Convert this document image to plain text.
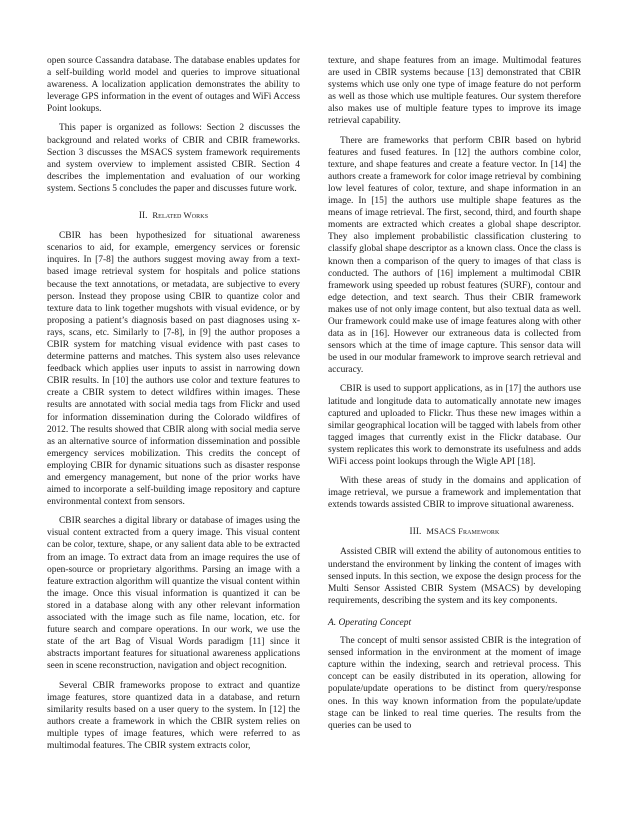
open source Cassandra database. The database enables updates for a self-building world model and queries to improve situational awareness. A localization application demonstrates the ability to leverage GPS information in the event of outages and WiFi Access Point lookups.

This paper is organized as follows: Section 2 discusses the background and related works of CBIR and CBIR frameworks. Section 3 discusses the MSACS system framework requirements and system overview to implement assisted CBIR. Section 4 describes the implementation and evaluation of our working system. Sections 5 concludes the paper and discusses future work.

II. Related Works

CBIR has been hypothesized for situational awareness scenarios to aid, for example, emergency services or forensic inquires. In [7-8] the authors suggest moving away from a text-based image retrieval system for hospitals and police stations because the text annotations, or metadata, are subjective to every person. Instead they propose using CBIR to quantize color and texture data to link together mugshots with visual evidence, or by proposing a patient’s diagnosis based on past diagnoses using x-rays, scans, etc. Similarly to [7-8], in [9] the author proposes a CBIR system for matching visual evidence with past cases to determine patterns and matches. This system also uses relevance feedback which applies user inputs to assist in narrowing down CBIR results. In [10] the authors use color and texture features to create a CBIR system to detect wildfires within images. These results are annotated with social media tags from Flickr and used for information dissemination during the Colorado wildfires of 2012. The results showed that CBIR along with social media serve as an alternative source of information dissemination and possible emergency services mobilization. This credits the concept of employing CBIR for dynamic situations such as disaster response and emergency management, but none of the prior works have aimed to incorporate a self-building image repository and capture environmental context from sensors.

CBIR searches a digital library or database of images using the visual content extracted from a query image. This visual content can be color, texture, shape, or any salient data able to be extracted from an image. To extract data from an image requires the use of open-source or proprietary algorithms. Parsing an image with a feature extraction algorithm will quantize the visual content within the image. Once this visual information is quantized it can be stored in a database along with any other relevant information associated with the image such as file name, location, etc. for future search and compare operations. In our work, we use the state of the art Bag of Visual Words paradigm [11] since it abstracts important features for situational awareness applications seen in scene reconstruction, navigation and object recognition.

Several CBIR frameworks propose to extract and quantize image features, store quantized data in a database, and return similarity results based on a user query to the system. In [12] the authors create a framework in which the CBIR system relies on multiple types of image features, which were referred to as multimodal features. The CBIR system extracts color,

texture, and shape features from an image. Multimodal features are used in CBIR systems because [13] demonstrated that CBIR systems which use only one type of image feature do not perform as well as those which use multiple features. Our system therefore also makes use of multiple feature types to improve its image retrieval capability.

There are frameworks that perform CBIR based on hybrid features and fused features. In [12] the authors combine color, texture, and shape features and create a feature vector. In [14] the authors create a framework for color image retrieval by combining low level features of color, texture, and shape information in an image. In [15] the authors use multiple shape features as the means of image retrieval. The first, second, third, and fourth shape moments are extracted which creates a global shape descriptor. They also implement probabilistic classification clustering to classify global shape descriptor as a known class. Once the class is known then a comparison of the query to images of that class is conducted. The authors of [16] implement a multimodal CBIR framework using speeded up robust features (SURF), contour and edge detection, and text search. Thus their CBIR framework makes use of not only image content, but also textual data as well. Our framework could make use of image features along with other data as in [16]. However our extraneous data is collected from sensors which at the time of image capture. This sensor data will be used in our modular framework to improve search retrieval and accuracy.

CBIR is used to support applications, as in [17] the authors use latitude and longitude data to automatically annotate new images captured and uploaded to Flickr. Thus these new images within a similar geographical location will be tagged with labels from other tagged images that currently exist in the Flickr database. Our system replicates this work to demonstrate its usefulness and adds WiFi access point lookups through the Wigle API [18].

With these areas of study in the domains and application of image retrieval, we pursue a framework and implementation that extends towards assisted CBIR to improve situational awareness.

III. MSACS Framework

Assisted CBIR will extend the ability of autonomous entities to understand the environment by linking the content of images with sensed inputs. In this section, we expose the design process for the Multi Sensor Assisted CBIR System (MSACS) by developing requirements, describing the system and its key components.

A. Operating Concept

The concept of multi sensor assisted CBIR is the integration of sensed information in the environment at the moment of image capture within the indexing, search and retrieval process. This concept can be easily distributed in its operation, allowing for populate/update operations to be distinct from query/response ones. In this way known information from the populate/update stage can be linked to real time queries. The results from the queries can be used to
